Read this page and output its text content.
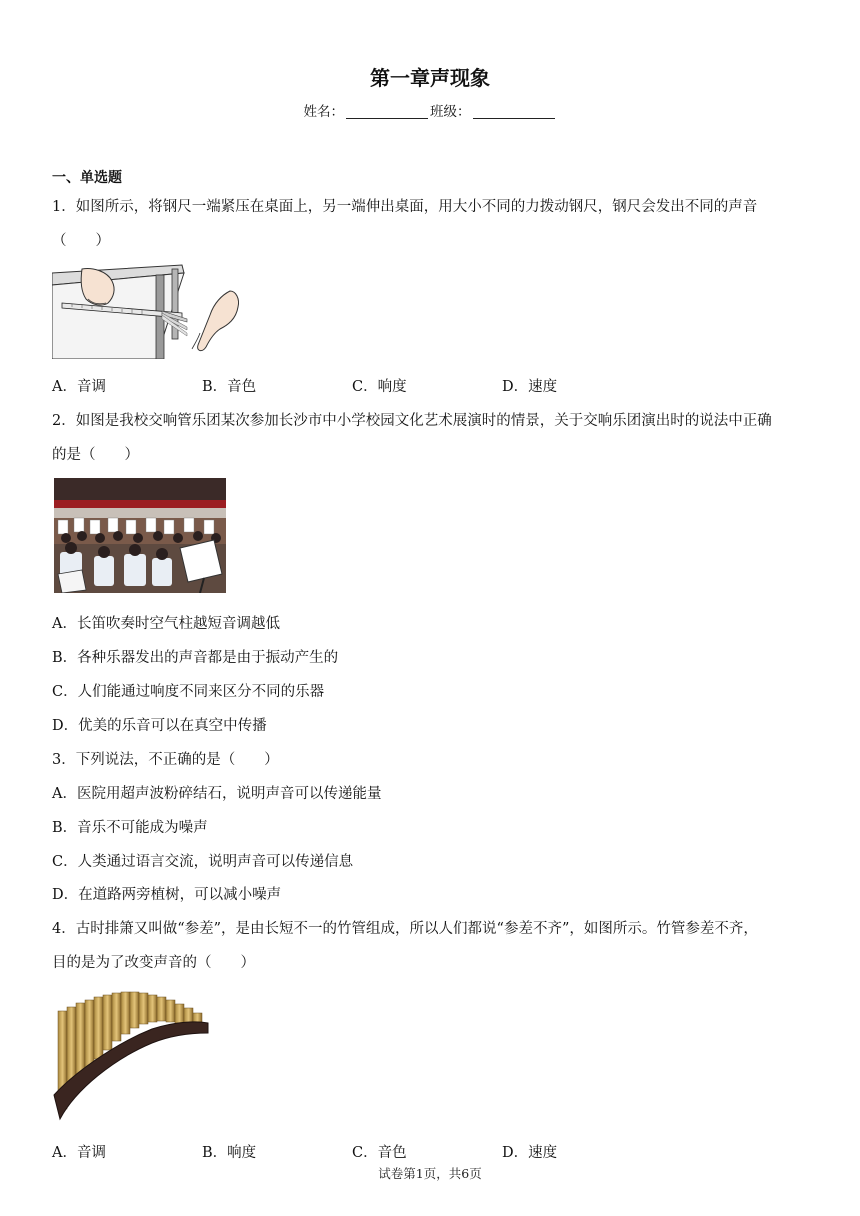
第一章声现象
姓名：	班级：
一、单选题
1．如图所示，将钢尺一端紧压在桌面上，另一端伸出桌面，用大小不同的力拨动钢尺，钢尺会发出不同的声音
（　　）
A．音调	B．音色	C．响度	D．速度
2．如图是我校交响管乐团某次参加长沙市中小学校园文化艺术展演时的情景，关于交响乐团演出时的说法中正确
的是（　　）
A．长笛吹奏时空气柱越短音调越低
B．各种乐器发出的声音都是由于振动产生的
C．人们能通过响度不同来区分不同的乐器
D．优美的乐音可以在真空中传播
3．下列说法，不正确的是（　　）
A．医院用超声波粉碎结石，说明声音可以传递能量
B．音乐不可能成为噪声
C．人类通过语言交流，说明声音可以传递信息
D．在道路两旁植树，可以减小噪声
4．古时排箫又叫做“参差”，是由长短不一的竹管组成，所以人们都说“参差不齐”，如图所示。竹管参差不齐，
目的是为了改变声音的（　　）
A．音调	B．响度	C．音色	D．速度
试卷第1页，共6页
